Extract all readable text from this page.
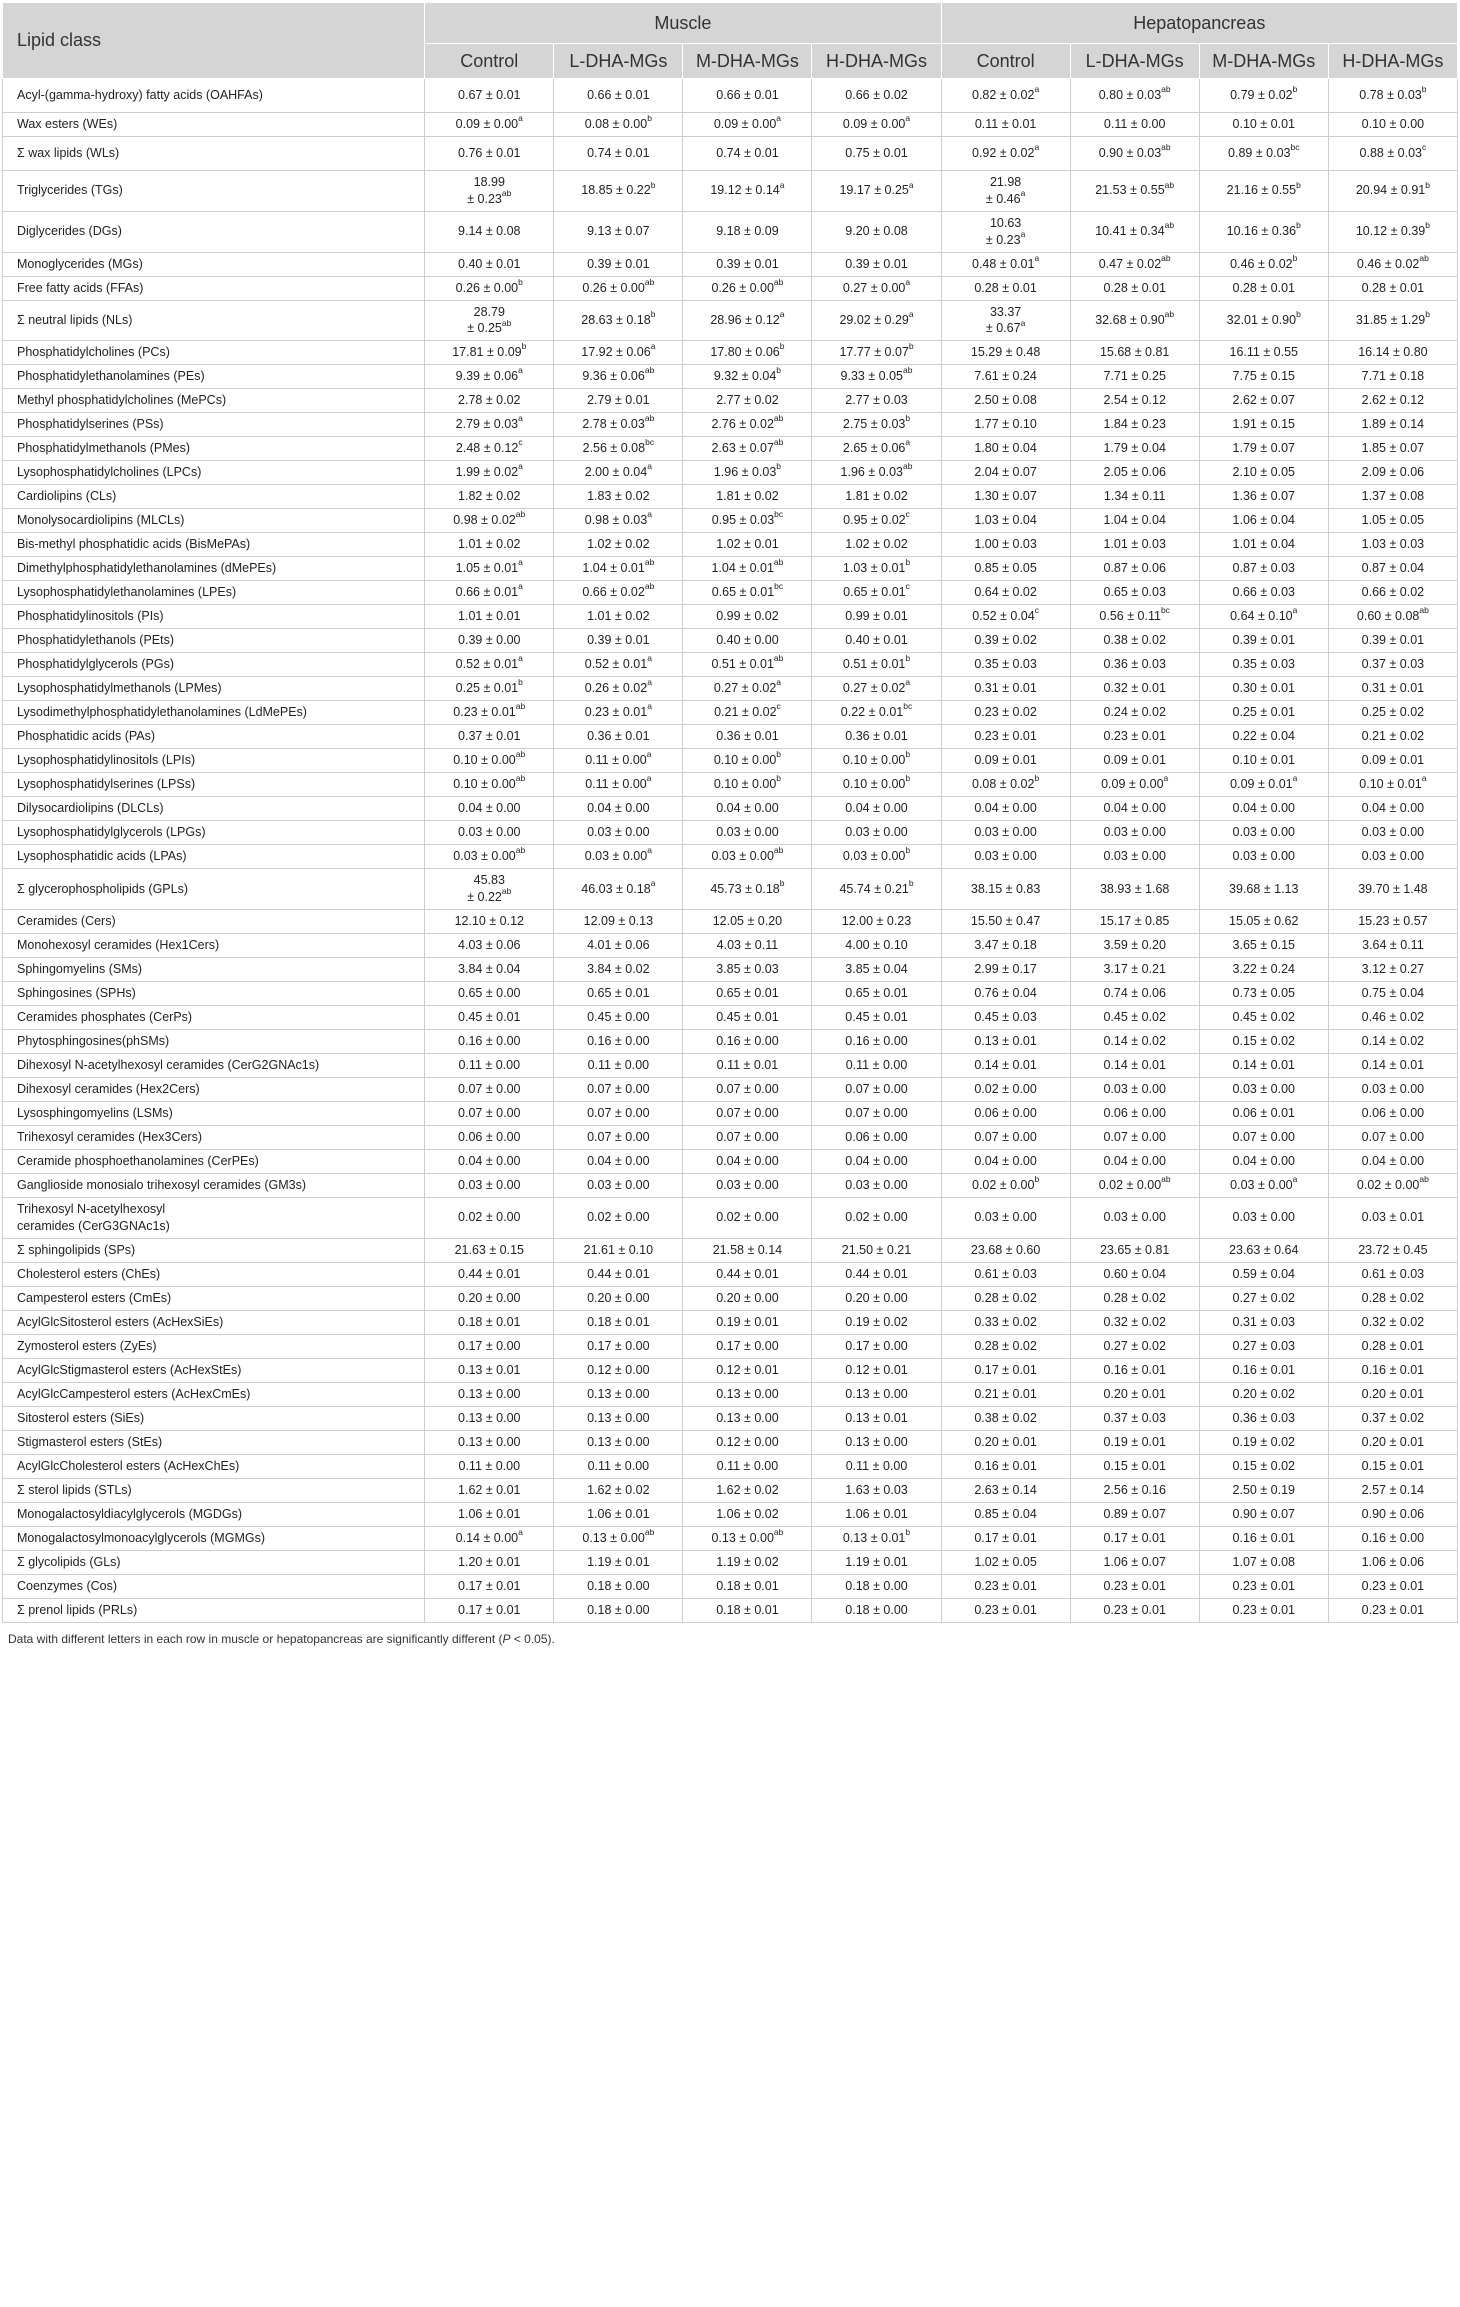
Lipid class	Muscle				Hepatopancreas			
	Control	L-DHA-MGs	M-DHA-MGs	H-DHA-MGs	Control	L-DHA-MGs	M-DHA-MGs	H-DHA-MGs
Acyl-(gamma-hydroxy) fatty acids (OAHFAs)	0.67 ± 0.01	0.66 ± 0.01	0.66 ± 0.01	0.66 ± 0.02	0.82 ± 0.02$^a$	0.80 ± 0.03$^{ab}$	0.79 ± 0.02$^b$	0.78 ± 0.03$^b$
Wax esters (WEs)	0.09 ± 0.00$^a$	0.08 ± 0.00$^b$	0.09 ± 0.00$^a$	0.09 ± 0.00$^a$	0.11 ± 0.01	0.11 ± 0.00	0.10 ± 0.01	0.10 ± 0.00
Σ wax lipids (WLs)	0.76 ± 0.01	0.74 ± 0.01	0.74 ± 0.01	0.75 ± 0.01	0.92 ± 0.02$^a$	0.90 ± 0.03$^{ab}$	0.89 ± 0.03$^{bc}$	0.88 ± 0.03$^c$
Triglycerides (TGs)	18.99
± 0.23$^{ab}$	18.85 ± 0.22$^b$	19.12 ± 0.14$^a$	19.17 ± 0.25$^a$	21.98
± 0.46$^a$	21.53 ± 0.55$^{ab}$	21.16 ± 0.55$^b$	20.94 ± 0.91$^b$
Diglycerides (DGs)	9.14 ± 0.08	9.13 ± 0.07	9.18 ± 0.09	9.20 ± 0.08	10.63
± 0.23$^a$	10.41 ± 0.34$^{ab}$	10.16 ± 0.36$^b$	10.12 ± 0.39$^b$
Monoglycerides (MGs)	0.40 ± 0.01	0.39 ± 0.01	0.39 ± 0.01	0.39 ± 0.01	0.48 ± 0.01$^a$	0.47 ± 0.02$^{ab}$	0.46 ± 0.02$^b$	0.46 ± 0.02$^{ab}$
Free fatty acids (FFAs)	0.26 ± 0.00$^b$	0.26 ± 0.00$^{ab}$	0.26 ± 0.00$^{ab}$	0.27 ± 0.00$^a$	0.28 ± 0.01	0.28 ± 0.01	0.28 ± 0.01	0.28 ± 0.01
Σ neutral lipids (NLs)	28.79
± 0.25$^{ab}$	28.63 ± 0.18$^b$	28.96 ± 0.12$^a$	29.02 ± 0.29$^a$	33.37
± 0.67$^a$	32.68 ± 0.90$^{ab}$	32.01 ± 0.90$^b$	31.85 ± 1.29$^b$
Phosphatidylcholines (PCs)	17.81 ± 0.09$^b$	17.92 ± 0.06$^a$	17.80 ± 0.06$^b$	17.77 ± 0.07$^b$	15.29 ± 0.48	15.68 ± 0.81	16.11 ± 0.55	16.14 ± 0.80
Phosphatidylethanolamines (PEs)	9.39 ± 0.06$^a$	9.36 ± 0.06$^{ab}$	9.32 ± 0.04$^b$	9.33 ± 0.05$^{ab}$	7.61 ± 0.24	7.71 ± 0.25	7.75 ± 0.15	7.71 ± 0.18
Methyl phosphatidylcholines (MePCs)	2.78 ± 0.02	2.79 ± 0.01	2.77 ± 0.02	2.77 ± 0.03	2.50 ± 0.08	2.54 ± 0.12	2.62 ± 0.07	2.62 ± 0.12
Phosphatidylserines (PSs)	2.79 ± 0.03$^a$	2.78 ± 0.03$^{ab}$	2.76 ± 0.02$^{ab}$	2.75 ± 0.03$^b$	1.77 ± 0.10	1.84 ± 0.23	1.91 ± 0.15	1.89 ± 0.14
Phosphatidylmethanols (PMes)	2.48 ± 0.12$^c$	2.56 ± 0.08$^{bc}$	2.63 ± 0.07$^{ab}$	2.65 ± 0.06$^a$	1.80 ± 0.04	1.79 ± 0.04	1.79 ± 0.07	1.85 ± 0.07
Lysophosphatidylcholines (LPCs)	1.99 ± 0.02$^a$	2.00 ± 0.04$^a$	1.96 ± 0.03$^b$	1.96 ± 0.03$^{ab}$	2.04 ± 0.07	2.05 ± 0.06	2.10 ± 0.05	2.09 ± 0.06
Cardiolipins (CLs)	1.82 ± 0.02	1.83 ± 0.02	1.81 ± 0.02	1.81 ± 0.02	1.30 ± 0.07	1.34 ± 0.11	1.36 ± 0.07	1.37 ± 0.08
Monolysocardiolipins (MLCLs)	0.98 ± 0.02$^{ab}$	0.98 ± 0.03$^a$	0.95 ± 0.03$^{bc}$	0.95 ± 0.02$^c$	1.03 ± 0.04	1.04 ± 0.04	1.06 ± 0.04	1.05 ± 0.05
Bis-methyl phosphatidic acids (BisMePAs)	1.01 ± 0.02	1.02 ± 0.02	1.02 ± 0.01	1.02 ± 0.02	1.00 ± 0.03	1.01 ± 0.03	1.01 ± 0.04	1.03 ± 0.03
Dimethylphosphatidylethanolamines (dMePEs)	1.05 ± 0.01$^a$	1.04 ± 0.01$^{ab}$	1.04 ± 0.01$^{ab}$	1.03 ± 0.01$^b$	0.85 ± 0.05	0.87 ± 0.06	0.87 ± 0.03	0.87 ± 0.04
Lysophosphatidylethanolamines (LPEs)	0.66 ± 0.01$^a$	0.66 ± 0.02$^{ab}$	0.65 ± 0.01$^{bc}$	0.65 ± 0.01$^c$	0.64 ± 0.02	0.65 ± 0.03	0.66 ± 0.03	0.66 ± 0.02
Phosphatidylinositols (PIs)	1.01 ± 0.01	1.01 ± 0.02	0.99 ± 0.02	0.99 ± 0.01	0.52 ± 0.04$^c$	0.56 ± 0.11$^{bc}$	0.64 ± 0.10$^a$	0.60 ± 0.08$^{ab}$
Phosphatidylethanols (PEts)	0.39 ± 0.00	0.39 ± 0.01	0.40 ± 0.00	0.40 ± 0.01	0.39 ± 0.02	0.38 ± 0.02	0.39 ± 0.01	0.39 ± 0.01
Phosphatidylglycerols (PGs)	0.52 ± 0.01$^a$	0.52 ± 0.01$^a$	0.51 ± 0.01$^{ab}$	0.51 ± 0.01$^b$	0.35 ± 0.03	0.36 ± 0.03	0.35 ± 0.03	0.37 ± 0.03
Lysophosphatidylmethanols (LPMes)	0.25 ± 0.01$^b$	0.26 ± 0.02$^a$	0.27 ± 0.02$^a$	0.27 ± 0.02$^a$	0.31 ± 0.01	0.32 ± 0.01	0.30 ± 0.01	0.31 ± 0.01
Lysodimethylphosphatidylethanolamines (LdMePEs)	0.23 ± 0.01$^{ab}$	0.23 ± 0.01$^a$	0.21 ± 0.02$^c$	0.22 ± 0.01$^{bc}$	0.23 ± 0.02	0.24 ± 0.02	0.25 ± 0.01	0.25 ± 0.02
Phosphatidic acids (PAs)	0.37 ± 0.01	0.36 ± 0.01	0.36 ± 0.01	0.36 ± 0.01	0.23 ± 0.01	0.23 ± 0.01	0.22 ± 0.04	0.21 ± 0.02
Lysophosphatidylinositols (LPIs)	0.10 ± 0.00$^{ab}$	0.11 ± 0.00$^a$	0.10 ± 0.00$^b$	0.10 ± 0.00$^b$	0.09 ± 0.01	0.09 ± 0.01	0.10 ± 0.01	0.09 ± 0.01
Lysophosphatidylserines (LPSs)	0.10 ± 0.00$^{ab}$	0.11 ± 0.00$^a$	0.10 ± 0.00$^b$	0.10 ± 0.00$^b$	0.08 ± 0.02$^b$	0.09 ± 0.00$^a$	0.09 ± 0.01$^a$	0.10 ± 0.01$^a$
Dilysocardiolipins (DLCLs)	0.04 ± 0.00	0.04 ± 0.00	0.04 ± 0.00	0.04 ± 0.00	0.04 ± 0.00	0.04 ± 0.00	0.04 ± 0.00	0.04 ± 0.00
Lysophosphatidylglycerols (LPGs)	0.03 ± 0.00	0.03 ± 0.00	0.03 ± 0.00	0.03 ± 0.00	0.03 ± 0.00	0.03 ± 0.00	0.03 ± 0.00	0.03 ± 0.00
Lysophosphatidic acids (LPAs)	0.03 ± 0.00$^{ab}$	0.03 ± 0.00$^a$	0.03 ± 0.00$^{ab}$	0.03 ± 0.00$^b$	0.03 ± 0.00	0.03 ± 0.00	0.03 ± 0.00	0.03 ± 0.00
Σ glycerophospholipids (GPLs)	45.83
± 0.22$^{ab}$	46.03 ± 0.18$^a$	45.73 ± 0.18$^b$	45.74 ± 0.21$^b$	38.15 ± 0.83	38.93 ± 1.68	39.68 ± 1.13	39.70 ± 1.48
Ceramides (Cers)	12.10 ± 0.12	12.09 ± 0.13	12.05 ± 0.20	12.00 ± 0.23	15.50 ± 0.47	15.17 ± 0.85	15.05 ± 0.62	15.23 ± 0.57
Monohexosyl ceramides (Hex1Cers)	4.03 ± 0.06	4.01 ± 0.06	4.03 ± 0.11	4.00 ± 0.10	3.47 ± 0.18	3.59 ± 0.20	3.65 ± 0.15	3.64 ± 0.11
Sphingomyelins (SMs)	3.84 ± 0.04	3.84 ± 0.02	3.85 ± 0.03	3.85 ± 0.04	2.99 ± 0.17	3.17 ± 0.21	3.22 ± 0.24	3.12 ± 0.27
Sphingosines (SPHs)	0.65 ± 0.00	0.65 ± 0.01	0.65 ± 0.01	0.65 ± 0.01	0.76 ± 0.04	0.74 ± 0.06	0.73 ± 0.05	0.75 ± 0.04
Ceramides phosphates (CerPs)	0.45 ± 0.01	0.45 ± 0.00	0.45 ± 0.01	0.45 ± 0.01	0.45 ± 0.03	0.45 ± 0.02	0.45 ± 0.02	0.46 ± 0.02
Phytosphingosines(phSMs)	0.16 ± 0.00	0.16 ± 0.00	0.16 ± 0.00	0.16 ± 0.00	0.13 ± 0.01	0.14 ± 0.02	0.15 ± 0.02	0.14 ± 0.02
Dihexosyl N-acetylhexosyl ceramides (CerG2GNAc1s)	0.11 ± 0.00	0.11 ± 0.00	0.11 ± 0.01	0.11 ± 0.00	0.14 ± 0.01	0.14 ± 0.01	0.14 ± 0.01	0.14 ± 0.01
Dihexosyl ceramides (Hex2Cers)	0.07 ± 0.00	0.07 ± 0.00	0.07 ± 0.00	0.07 ± 0.00	0.02 ± 0.00	0.03 ± 0.00	0.03 ± 0.00	0.03 ± 0.00
Lysosphingomyelins (LSMs)	0.07 ± 0.00	0.07 ± 0.00	0.07 ± 0.00	0.07 ± 0.00	0.06 ± 0.00	0.06 ± 0.00	0.06 ± 0.01	0.06 ± 0.00
Trihexosyl ceramides (Hex3Cers)	0.06 ± 0.00	0.07 ± 0.00	0.07 ± 0.00	0.06 ± 0.00	0.07 ± 0.00	0.07 ± 0.00	0.07 ± 0.00	0.07 ± 0.00
Ceramide phosphoethanolamines (CerPEs)	0.04 ± 0.00	0.04 ± 0.00	0.04 ± 0.00	0.04 ± 0.00	0.04 ± 0.00	0.04 ± 0.00	0.04 ± 0.00	0.04 ± 0.00
Ganglioside monosialo trihexosyl ceramides (GM3s)	0.03 ± 0.00	0.03 ± 0.00	0.03 ± 0.00	0.03 ± 0.00	0.02 ± 0.00$^b$	0.02 ± 0.00$^{ab}$	0.03 ± 0.00$^a$	0.02 ± 0.00$^{ab}$
Trihexosyl N-acetylhexosyl
ceramides (CerG3GNAc1s)	0.02 ± 0.00	0.02 ± 0.00	0.02 ± 0.00	0.02 ± 0.00	0.03 ± 0.00	0.03 ± 0.00	0.03 ± 0.00	0.03 ± 0.01
Σ sphingolipids (SPs)	21.63 ± 0.15	21.61 ± 0.10	21.58 ± 0.14	21.50 ± 0.21	23.68 ± 0.60	23.65 ± 0.81	23.63 ± 0.64	23.72 ± 0.45
Cholesterol esters (ChEs)	0.44 ± 0.01	0.44 ± 0.01	0.44 ± 0.01	0.44 ± 0.01	0.61 ± 0.03	0.60 ± 0.04	0.59 ± 0.04	0.61 ± 0.03
Campesterol esters (CmEs)	0.20 ± 0.00	0.20 ± 0.00	0.20 ± 0.00	0.20 ± 0.00	0.28 ± 0.02	0.28 ± 0.02	0.27 ± 0.02	0.28 ± 0.02
AcylGlcSitosterol esters (AcHexSiEs)	0.18 ± 0.01	0.18 ± 0.01	0.19 ± 0.01	0.19 ± 0.02	0.33 ± 0.02	0.32 ± 0.02	0.31 ± 0.03	0.32 ± 0.02
Zymosterol esters (ZyEs)	0.17 ± 0.00	0.17 ± 0.00	0.17 ± 0.00	0.17 ± 0.00	0.28 ± 0.02	0.27 ± 0.02	0.27 ± 0.03	0.28 ± 0.01
AcylGlcStigmasterol esters (AcHexStEs)	0.13 ± 0.01	0.12 ± 0.00	0.12 ± 0.01	0.12 ± 0.01	0.17 ± 0.01	0.16 ± 0.01	0.16 ± 0.01	0.16 ± 0.01
AcylGlcCampesterol esters (AcHexCmEs)	0.13 ± 0.00	0.13 ± 0.00	0.13 ± 0.00	0.13 ± 0.00	0.21 ± 0.01	0.20 ± 0.01	0.20 ± 0.02	0.20 ± 0.01
Sitosterol esters (SiEs)	0.13 ± 0.00	0.13 ± 0.00	0.13 ± 0.00	0.13 ± 0.01	0.38 ± 0.02	0.37 ± 0.03	0.36 ± 0.03	0.37 ± 0.02
Stigmasterol esters (StEs)	0.13 ± 0.00	0.13 ± 0.00	0.12 ± 0.00	0.13 ± 0.00	0.20 ± 0.01	0.19 ± 0.01	0.19 ± 0.02	0.20 ± 0.01
AcylGlcCholesterol esters (AcHexChEs)	0.11 ± 0.00	0.11 ± 0.00	0.11 ± 0.00	0.11 ± 0.00	0.16 ± 0.01	0.15 ± 0.01	0.15 ± 0.02	0.15 ± 0.01
Σ sterol lipids (STLs)	1.62 ± 0.01	1.62 ± 0.02	1.62 ± 0.02	1.63 ± 0.03	2.63 ± 0.14	2.56 ± 0.16	2.50 ± 0.19	2.57 ± 0.14
Monogalactosyldiacylglycerols (MGDGs)	1.06 ± 0.01	1.06 ± 0.01	1.06 ± 0.02	1.06 ± 0.01	0.85 ± 0.04	0.89 ± 0.07	0.90 ± 0.07	0.90 ± 0.06
Monogalactosylmonoacylglycerols (MGMGs)	0.14 ± 0.00$^a$	0.13 ± 0.00$^{ab}$	0.13 ± 0.00$^{ab}$	0.13 ± 0.01$^b$	0.17 ± 0.01	0.17 ± 0.01	0.16 ± 0.01	0.16 ± 0.00
Σ glycolipids (GLs)	1.20 ± 0.01	1.19 ± 0.01	1.19 ± 0.02	1.19 ± 0.01	1.02 ± 0.05	1.06 ± 0.07	1.07 ± 0.08	1.06 ± 0.06
Coenzymes (Cos)	0.17 ± 0.01	0.18 ± 0.00	0.18 ± 0.01	0.18 ± 0.00	0.23 ± 0.01	0.23 ± 0.01	0.23 ± 0.01	0.23 ± 0.01
Σ prenol lipids (PRLs)	0.17 ± 0.01	0.18 ± 0.00	0.18 ± 0.01	0.18 ± 0.00	0.23 ± 0.01	0.23 ± 0.01	0.23 ± 0.01	0.23 ± 0.01
Data with different letters in each row in muscle or hepatopancreas are significantly different (P < 0.05).
